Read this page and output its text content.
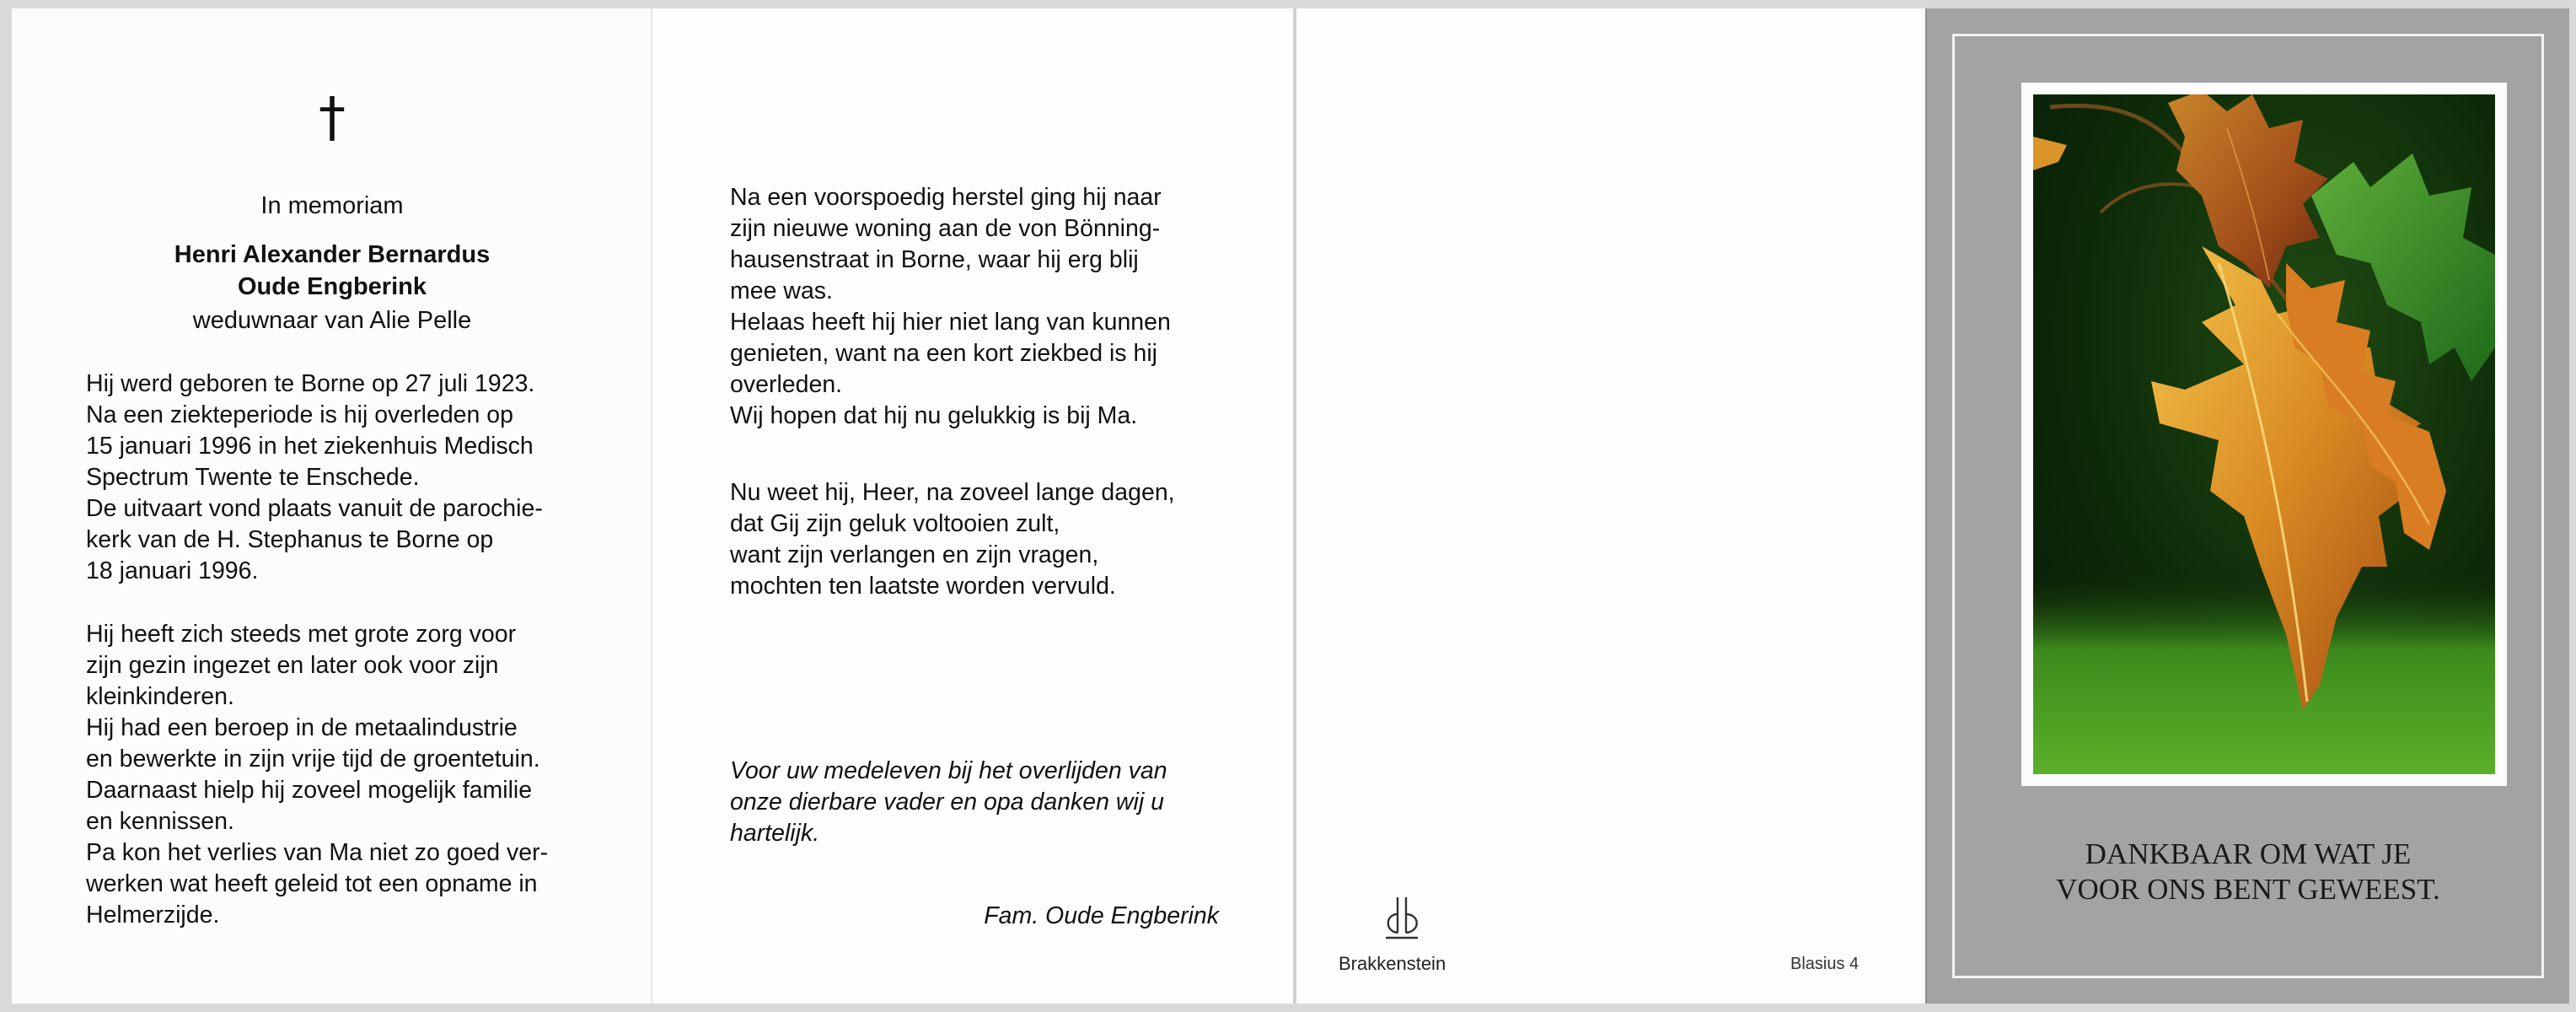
†

In memoriam

Henri Alexander Bernardus

Oude Engberink

weduwnaar van Alie Pelle

Hij werd geboren te Borne op 27 juli 1923.
Na een ziekteperiode is hij overleden op
15 januari 1996 in het ziekenhuis Medisch
Spectrum Twente te Enschede.
De uitvaart vond plaats vanuit de parochie-
kerk van de H. Stephanus te Borne op
18 januari 1996.
Hij heeft zich steeds met grote zorg voor
zijn gezin ingezet en later ook voor zijn
kleinkinderen.
Hij had een beroep in de metaalindustrie
en bewerkte in zijn vrije tijd de groentetuin.
Daarnaast hielp hij zoveel mogelijk familie
en kennissen.
Pa kon het verlies van Ma niet zo goed ver-
werken wat heeft geleid tot een opname in
Helmerzijde.
Na een voorspoedig herstel ging hij naar
zijn nieuwe woning aan de von Bönning-
hausenstraat in Borne, waar hij erg blij
mee was.
Helaas heeft hij hier niet lang van kunnen
genieten, want na een kort ziekbed is hij
overleden.
Wij hopen dat hij nu gelukkig is bij Ma.
Nu weet hij, Heer, na zoveel lange dagen,
dat Gij zijn geluk voltooien zult,
want zijn verlangen en zijn vragen,
mochten ten laatste worden vervuld.
Voor uw medeleven bij het overlijden van
onze dierbare vader en opa danken wij u
hartelijk.

Fam. Oude Engberink

Brakkenstein	Blasius 4

DANKBAAR OM WAT JE
VOOR ONS BENT GEWEEST.
